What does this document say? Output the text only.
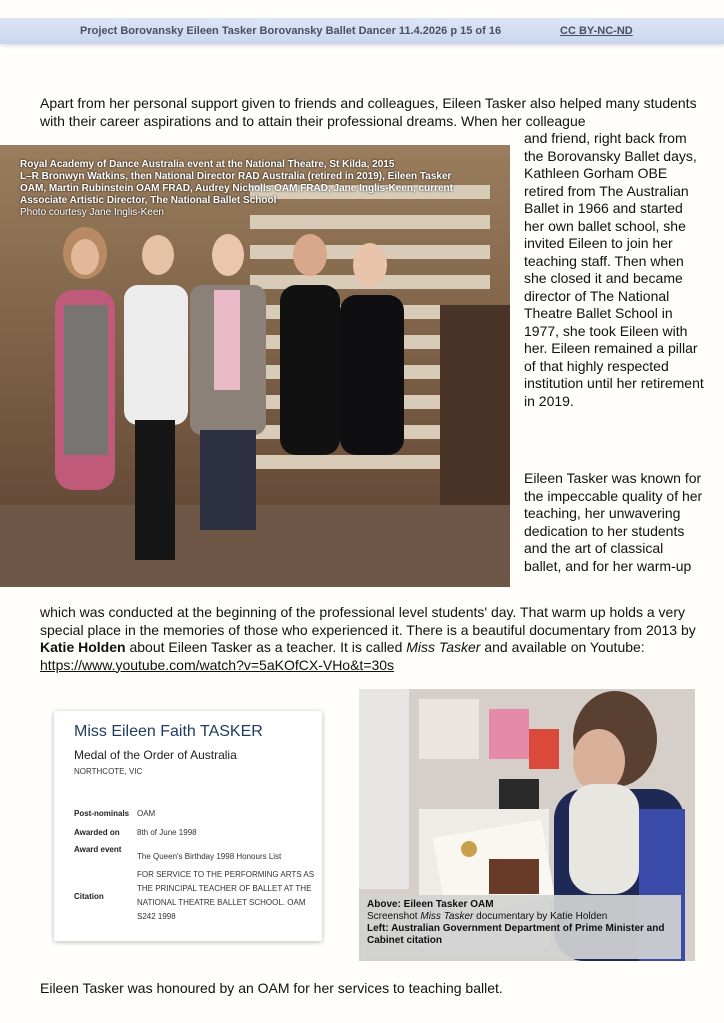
Project Borovansky Eileen Tasker Borovansky Ballet Dancer 11.4.2026 p 15 of 16	CC BY-NC-ND
Apart from her personal support given to friends and colleagues, Eileen Tasker also helped many students with their career aspirations and to attain their professional dreams. When her colleague
Royal Academy of Dance Australia event at the National Theatre, St Kilda, 2015
L–R Bronwyn Watkins, then National Director RAD Australia (retired in 2019), Eileen Tasker OAM, Martin Rubinstein OAM FRAD, Audrey Nicholls OAM FRAD, Jane Inglis-Keen, current Associate Artistic Director, The National Ballet School
Photo courtesy Jane Inglis-Keen
and friend, right back from the Borovansky Ballet days, Kathleen Gorham OBE retired from The Australian Ballet in 1966 and started her own ballet school, she invited Eileen to join her teaching staff. Then when she closed it and became director of The National Theatre Ballet School in 1977, she took Eileen with her. Eileen remained a pillar of that highly respected institution until her retirement in 2019.
Eileen Tasker was known for the impeccable quality of her teaching, her unwavering dedication to her students and the art of classical ballet, and for her warm-up
which was conducted at the beginning of the professional level students' day. That warm up holds a very special place in the memories of those who experienced it. There is a beautiful documentary from 2013 by Katie Holden about Eileen Tasker as a teacher. It is called Miss Tasker and available on Youtube: https://www.youtube.com/watch?v=5aKOfCX-VHo&t=30s
Miss Eileen Faith TASKER
Medal of the Order of Australia
NORTHCOTE, VIC
Post-nominals OAM
Awarded on	8th of June 1998
Award event
The Queen's Birthday 1998 Honours List
Citation
FOR SERVICE TO THE PERFORMING ARTS AS THE PRINCIPAL TEACHER OF BALLET AT THE NATIONAL THEATRE BALLET SCHOOL. OAM S242 1998
Above: Eileen Tasker OAM
Screenshot Miss Tasker documentary by Katie Holden
Left: Australian Government Department of Prime Minister and Cabinet citation
Eileen Tasker was honoured by an OAM for her services to teaching ballet.
